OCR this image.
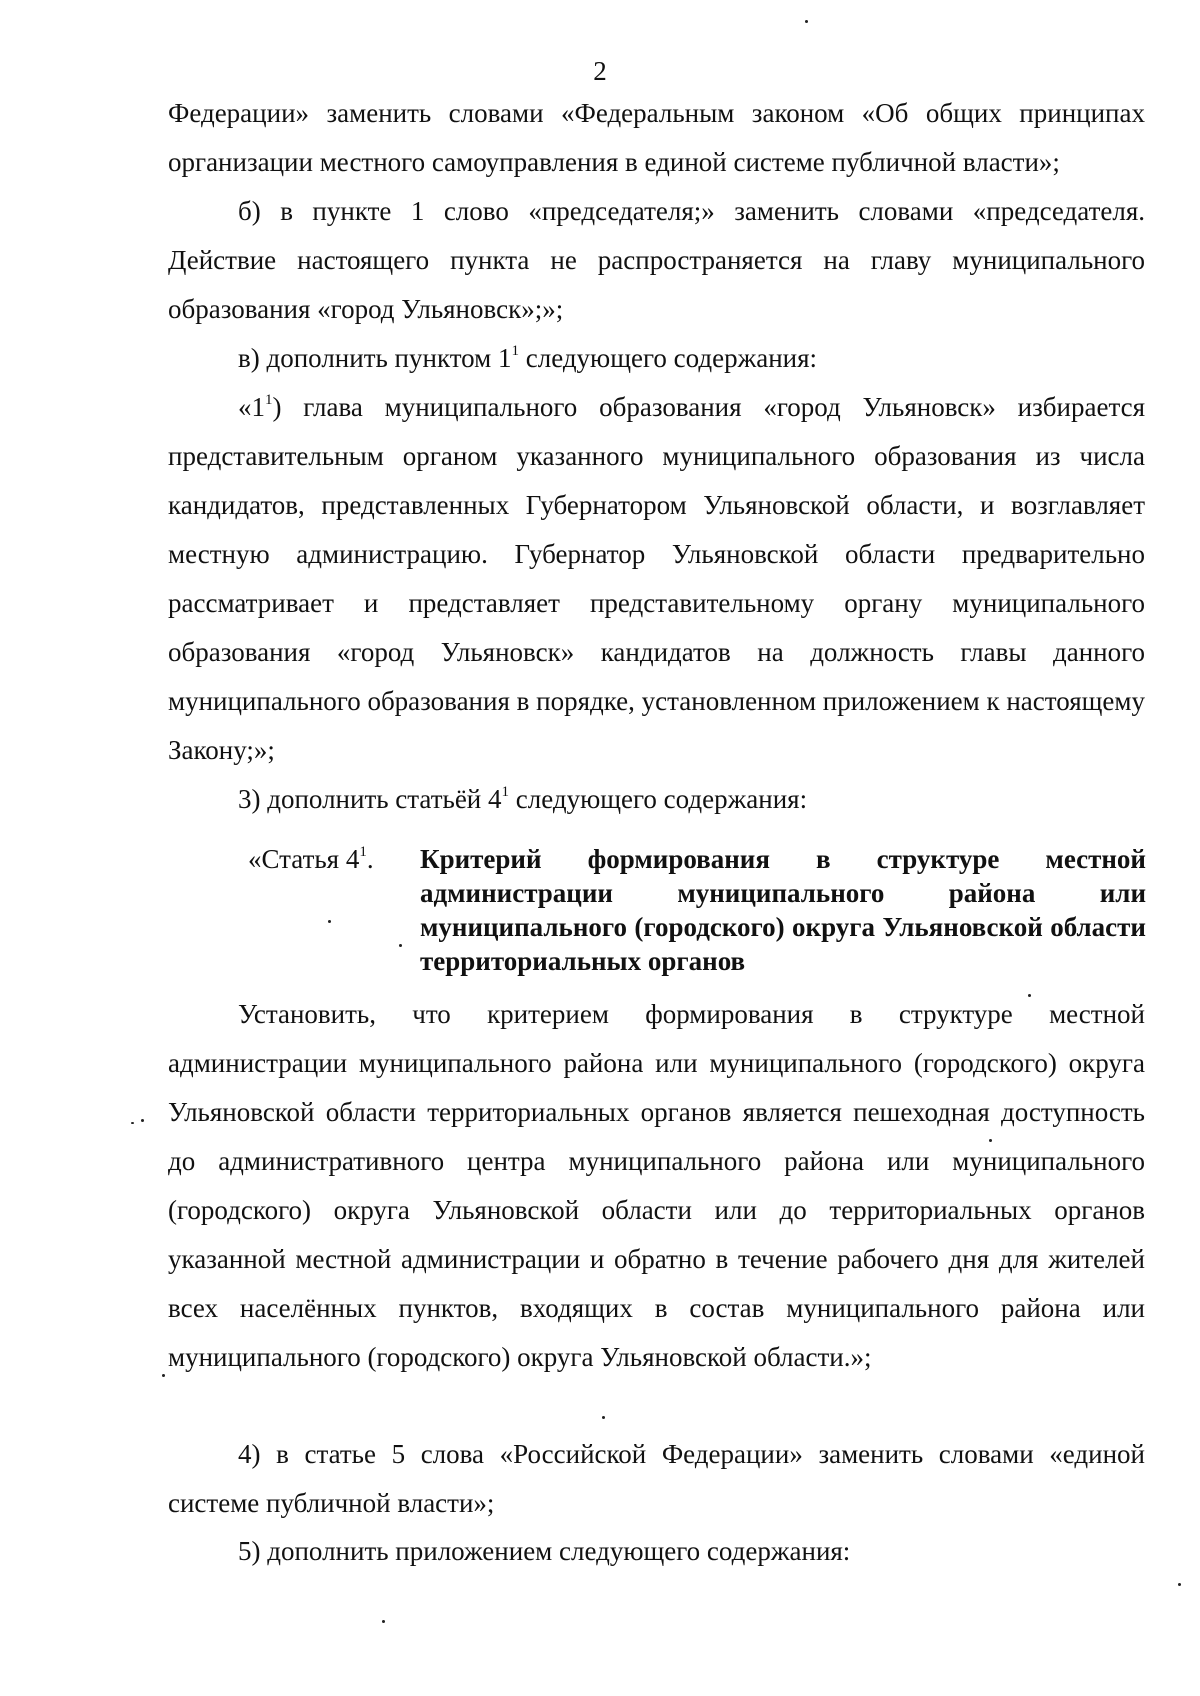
2
Федерации» заменить словами «Федеральным законом «Об общих принципах организации местного самоуправления в единой системе публичной власти»;
б) в пункте 1 слово «председателя;» заменить словами «председателя. Действие настоящего пункта не распространяется на главу муниципального образования «город Ульяновск»;»;
в) дополнить пунктом $1^1$ следующего содержания:
«$1^1$) глава муниципального образования «город Ульяновск» избирается представительным органом указанного муниципального образования из числа кандидатов, представленных Губернатором Ульяновской области, и возглавляет местную администрацию. Губернатор Ульяновской области предварительно рассматривает и представляет представительному органу муниципального образования «город Ульяновск» кандидатов на должность главы данного муниципального образования в порядке, установленном приложением к настоящему Закону;»;
3) дополнить статьёй $4^1$ следующего содержания:
«Статья $4^1$. Критерий формирования в структуре местной администрации муниципального района или муниципального (городского) округа Ульяновской области территориальных органов
Установить, что критерием формирования в структуре местной администрации муниципального района или муниципального (городского) округа Ульяновской области территориальных органов является пешеходная доступность до административного центра муниципального района или муниципального (городского) округа Ульяновской области или до территориальных органов указанной местной администрации и обратно в течение рабочего дня для жителей всех населённых пунктов, входящих в состав муниципального района или муниципального (городского) округа Ульяновской области.»;
4) в статье 5 слова «Российской Федерации» заменить словами «единой системе публичной власти»;
5) дополнить приложением следующего содержания:
